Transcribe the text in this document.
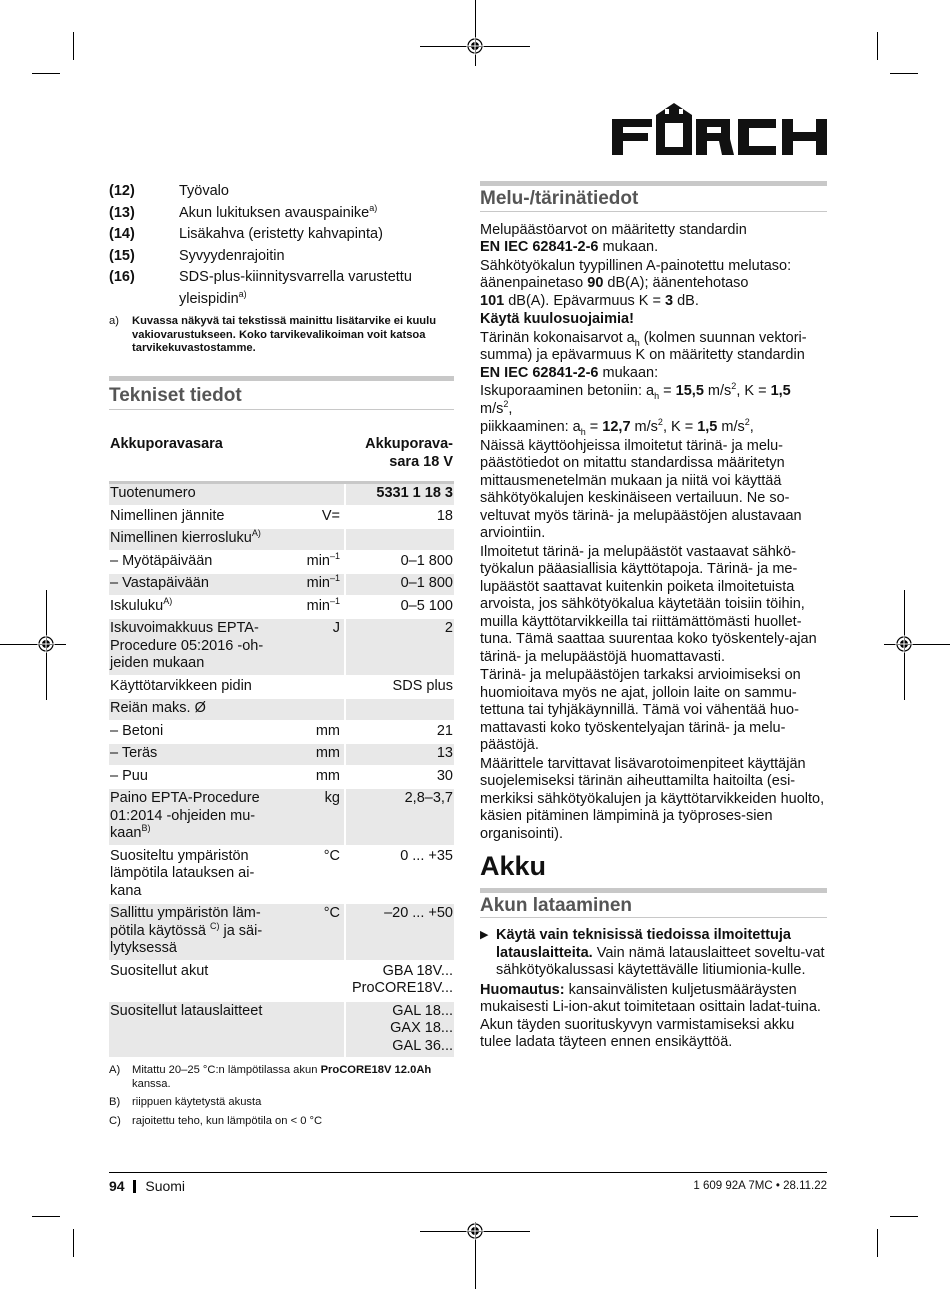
(12)	Työvalo
(13)	Akun lukituksen avauspainike$^{a)}$
(14)	Lisäkahva (eristetty kahvapinta)
(15)	Syvyydenrajoitin
(16)	SDS-plus-kiinnitysvarrella varustettu yleispidin$^{a)}$
a)	Kuvassa näkyvä tai tekstissä mainittu lisätarvike ei kuulu vakiovarustukseen. Koko tarvikevalikoiman voit katsoa tarvikekuvastostamme.
Tekniset tiedot
Akkuporavasara		Akkuporava-
sara 18 V
Tuotenumero		5331 1 18 3
Nimellinen jännite	V=	18
Nimellinen kierrosluku$^{A)}$		
– Myötäpäivään	$\min^{-1}$	0–1 800
– Vastapäivään	$\min^{-1}$	0–1 800
Iskuluku$^{A)}$	$\min^{-1}$	0–5 100
Iskuvoimakkuus EPTA-
Procedure 05:2016 -oh-
jeiden mukaan	J	2
Käyttötarvikkeen pidin		SDS plus
Reiän maks. Ø		
– Betoni	mm	21
– Teräs	mm	13
– Puu	mm	30
Paino EPTA-Procedure
01:2014 -ohjeiden mu-
kaan$^{B)}$	kg	2,8–3,7
Suositeltu ympäristön
lämpötila latauksen ai-
kana	°C	0 ... +35
Sallittu ympäristön läm-
pötila käytössä $^{C)}$ ja säi-
lytyksessä	°C	–20 ... +50
Suositellut akut		GBA 18V...
ProCORE18V...
Suositellut latauslaitteet		GAL 18...
GAX 18...
GAL 36...
A)	Mitattu 20–25 °C:n lämpötilassa akun ProCORE18V 12.0Ah kanssa.
B)	riippuen käytetystä akusta
C) rajoitettu teho, kun lämpötila on < 0 °C
Melu-/tärinätiedot

Melupäästöarvot on määritetty standardin
EN IEC 62841-2-6 mukaan.

Sähkötyökalun tyypillinen A-painotettu melutaso: äänenpainetaso 90 dB(A); äänentehotaso
101 dB(A). Epävarmuus K = 3 dB.

Käytä kuulosuojaimia!

Tärinän kokonaisarvot $a_h$ (kolmen suunnan vektori-summa) ja epävarmuus K on määritetty standardin EN IEC 62841-2-6 mukaan:

Iskuporaaminen betoniin: $a_h = 15,5$ $m/s^2$, K = 1,5
$m/s^2$,

piikkaaminen: $a_h = 12,7$ $m/s^2$, K = 1,5 $m/s^2$,

Näissä käyttöohjeissa ilmoitetut tärinä- ja melu-päästötiedot on mitattu standardissa määritetyn mittausmenetelmän mukaan ja niitä voi käyttää sähkötyökalujen keskinäiseen vertailuun. Ne so-veltuvat myös tärinä- ja melupäästöjen alustavaan arviointiin.

Ilmoitetut tärinä- ja melupäästöt vastaavat sähkö-työkalun pääasiallisia käyttötapoja. Tärinä- ja me-lupäästöt saattavat kuitenkin poiketa ilmoitetuista arvoista, jos sähkötyökalua käytetään toisiin töihin, muilla käyttötarvikkeilla tai riittämättömästi huollet-tuna. Tämä saattaa suurentaa koko työskentely-ajan tärinä- ja melupäästöjä huomattavasti.

Tärinä- ja melupäästöjen tarkaksi arvioimiseksi on huomioitava myös ne ajat, jolloin laite on sammu-tettuna tai tyhjäkäynnillä. Tämä voi vähentää huo-mattavasti koko työskentelyajan tärinä- ja melu-päästöjä.

Määrittele tarvittavat lisävarotoimenpiteet käyttäjän suojelemiseksi tärinän aiheuttamilta haitoilta (esi-merkiksi sähkötyökalujen ja käyttötarvikkeiden huolto, käsien pitäminen lämpiminä ja työproses-sien organisointi).

Akku
Akun lataaminen
▶ Käytä vain teknisissä tiedoissa ilmoitettuja latauslaitteita. Vain nämä latauslaitteet soveltu-vat sähkötyökalussasi käytettävälle litiumionia-kulle.

Huomautus: kansainvälisten kuljetusmääräysten mukaisesti Li-ion-akut toimitetaan osittain ladat-tuina. Akun täyden suorituskyvyn varmistamiseksi akku tulee ladata täyteen ennen ensikäyttöä.

94 Suomi	1 609 92A 7MC • 28.11.22
